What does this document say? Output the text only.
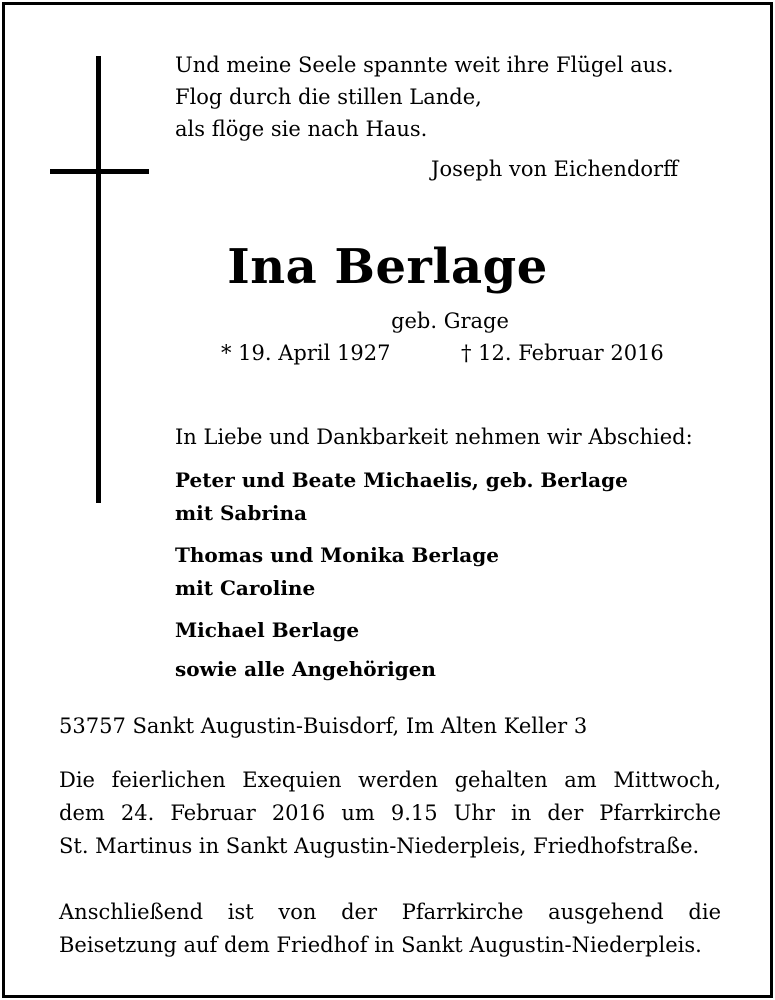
Und meine Seele spannte weit ihre Flügel aus.
Flog durch die stillen Lande,
als flöge sie nach Haus.
Joseph von Eichendorff
Ina Berlage
geb. Grage
* 19. April 1927	† 12. Februar 2016
In Liebe und Dankbarkeit nehmen wir Abschied:
Peter und Beate Michaelis, geb. Berlage
mit Sabrina
Thomas und Monika Berlage
mit Caroline
Michael Berlage
sowie alle Angehörigen
53757 Sankt Augustin-Buisdorf, Im Alten Keller 3
Die feierlichen Exequien werden gehalten am Mittwoch,
dem 24. Februar 2016 um 9.15 Uhr in der Pfarrkirche
St. Martinus in Sankt Augustin-Niederpleis, Friedhofstraße.
Anschließend ist von der Pfarrkirche ausgehend die
Beisetzung auf dem Friedhof in Sankt Augustin-Niederpleis.
